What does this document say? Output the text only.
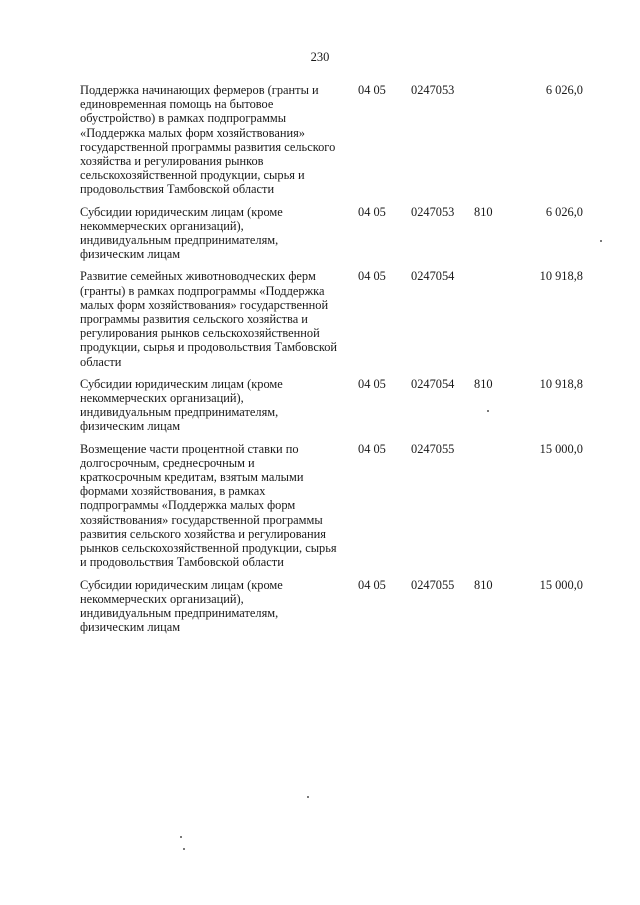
230
Поддержка начинающих фермеров (гранты и единовременная помощь на бытовое обустройство) в рамках подпрограммы «Поддержка малых форм хозяйствования» государственной программы развития сельского хозяйства и регулирования рынков сельскохозяйственной продукции, сырья и продовольствия Тамбовской области
04 05 0247053	6 026,0
Субсидии юридическим лицам (кроме некоммерческих организаций), индивидуальным предпринимателям, физическим лицам
04 05 0247053 810	6 026,0
Развитие семейных животноводческих ферм (гранты) в рамках подпрограммы «Поддержка малых форм хозяйствования» государственной программы развития сельского хозяйства и регулирования рынков сельскохозяйственной продукции, сырья и продовольствия Тамбовской области
04 05 0247054	10 918,8
Субсидии юридическим лицам (кроме некоммерческих организаций), индивидуальным предпринимателям, физическим лицам
04 05 0247054 810	10 918,8
Возмещение части процентной ставки по долгосрочным, среднесрочным и краткосрочным кредитам, взятым малыми формами хозяйствования, в рамках подпрограммы «Поддержка малых форм хозяйствования» государственной программы развития сельского хозяйства и регулирования рынков сельскохозяйственной продукции, сырья и продовольствия Тамбовской области
04 05 0247055	15 000,0
Субсидии юридическим лицам (кроме некоммерческих организаций), индивидуальным предпринимателям, физическим лицам
04 05 0247055 810	15 000,0
